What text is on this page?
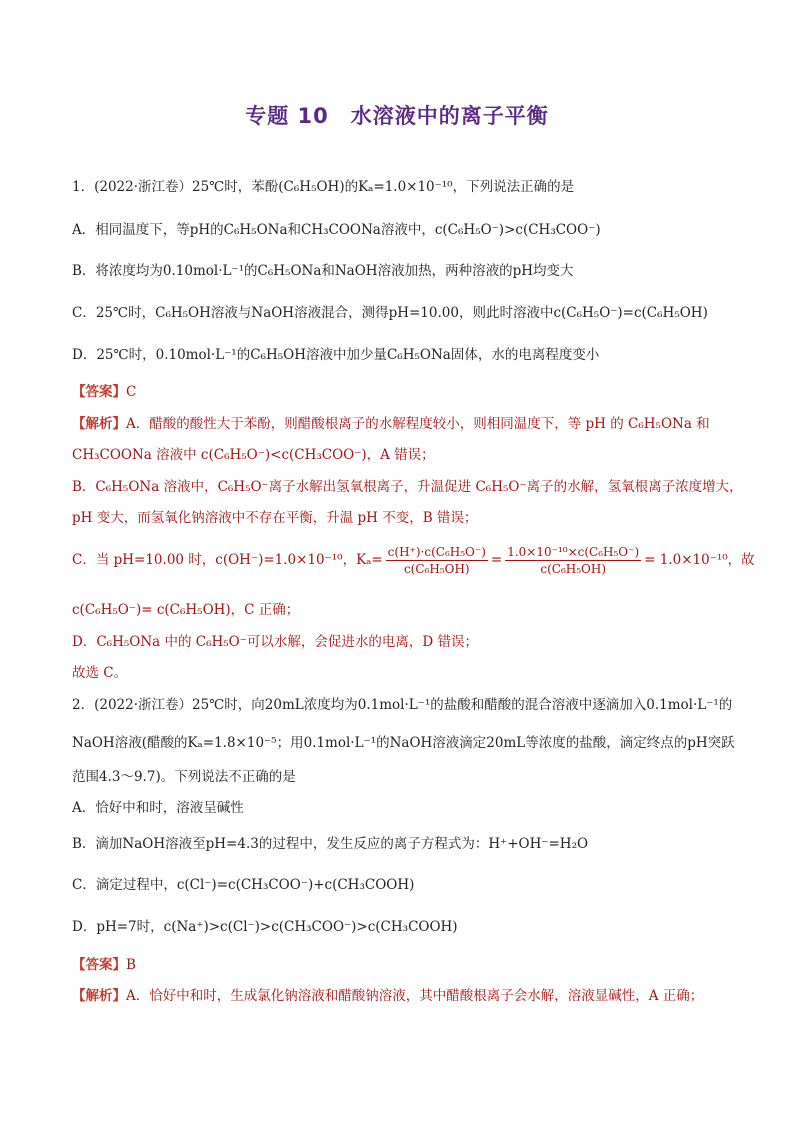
专题 10　水溶液中的离子平衡
1．(2022·浙江卷）25℃时，苯酚(C₆H₅OH)的Kₐ=1.0×10⁻¹⁰，下列说法正确的是
A．相同温度下，等pH的C₆H₅ONa和CH₃COONa溶液中，c(C₆H₅O⁻)>c(CH₃COO⁻)
B．将浓度均为0.10mol·L⁻¹的C₆H₅ONa和NaOH溶液加热，两种溶液的pH均变大
C．25℃时，C₆H₅OH溶液与NaOH溶液混合，测得pH=10.00，则此时溶液中c(C₆H₅O⁻)=c(C₆H₅OH)
D．25℃时，0.10mol·L⁻¹的C₆H₅OH溶液中加少量C₆H₅ONa固体，水的电离程度变小
【答案】C
【解析】A．醋酸的酸性大于苯酚，则醋酸根离子的水解程度较小，则相同温度下，等 pH 的 C₆H₅ONa 和
CH₃COONa 溶液中 c(C₆H₅O⁻)<c(CH₃COO⁻)，A 错误；
B．C₆H₅ONa 溶液中，C₆H₅O⁻离子水解出氢氧根离子，升温促进 C₆H₅O⁻离子的水解，氢氧根离子浓度增大，
pH 变大，而氢氧化钠溶液中不存在平衡，升温 pH 不变，B 错误；
C．当 pH=10.00 时，c(OH⁻)=1.0×10⁻¹⁰，$K_a= \frac{\text{c(H⁺)·c(C₆H₅O⁻)}}{\text{c(C₆H₅OH)}} = \frac{\text{1.0×10⁻¹⁰×c(C₆H₅O⁻)}}{\text{c(C₆H₅OH)}} = 1.0\times 10^{-10}$，故
c(C₆H₅O⁻)= c(C₆H₅OH)，C 正确；
D．C₆H₅ONa 中的 C₆H₅O⁻可以水解，会促进水的电离，D 错误；
故选 C。
2．(2022·浙江卷）25℃时，向20mL浓度均为0.1mol·L⁻¹的盐酸和醋酸的混合溶液中逐滴加入0.1mol·L⁻¹的
NaOH溶液(醋酸的Kₐ=1.8×10⁻⁵；用0.1mol·L⁻¹的NaOH溶液滴定20mL等浓度的盐酸，滴定终点的pH突跃
范围4.3～9.7)。下列说法不正确的是
A．恰好中和时，溶液呈碱性
B．滴加NaOH溶液至pH=4.3的过程中，发生反应的离子方程式为：H⁺+OH⁻=H₂O
C．滴定过程中，c(Cl⁻)=c(CH₃COO⁻)+c(CH₃COOH)
D．pH=7时，c(Na⁺)>c(Cl⁻)>c(CH₃COO⁻)>c(CH₃COOH)
【答案】B
【解析】A．恰好中和时，生成氯化钠溶液和醋酸钠溶液，其中醋酸根离子会水解，溶液显碱性，A 正确；
